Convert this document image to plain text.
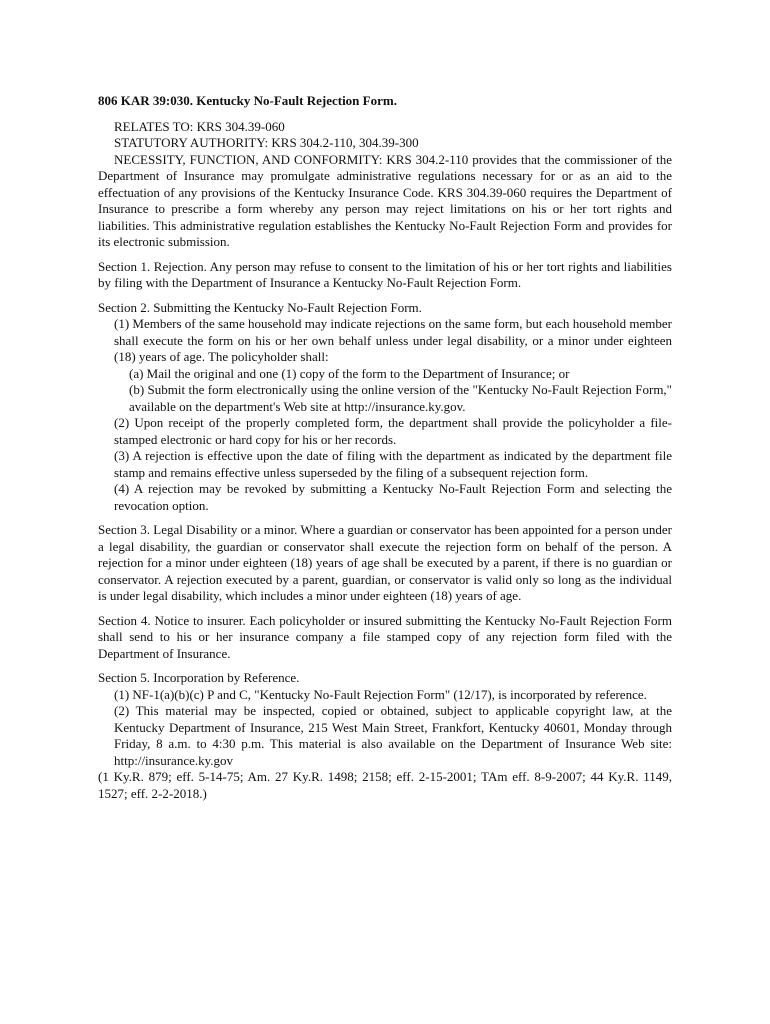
806 KAR 39:030. Kentucky No-Fault Rejection Form.

RELATES TO: KRS 304.39-060

STATUTORY AUTHORITY: KRS 304.2-110, 304.39-300

NECESSITY, FUNCTION, AND CONFORMITY: KRS 304.2-110 provides that the commissioner of the Department of Insurance may promulgate administrative regulations necessary for or as an aid to the effectuation of any provisions of the Kentucky Insurance Code. KRS 304.39-060 requires the Department of Insurance to prescribe a form whereby any person may reject limitations on his or her tort rights and liabilities. This administrative regulation establishes the Kentucky No-Fault Rejection Form and provides for its electronic submission.

Section 1. Rejection. Any person may refuse to consent to the limitation of his or her tort rights and liabilities by filing with the Department of Insurance a Kentucky No-Fault Rejection Form.

Section 2. Submitting the Kentucky No-Fault Rejection Form.

(1) Members of the same household may indicate rejections on the same form, but each household member shall execute the form on his or her own behalf unless under legal disability, or a minor under eighteen (18) years of age. The policyholder shall:

(a) Mail the original and one (1) copy of the form to the Department of Insurance; or

(b) Submit the form electronically using the online version of the "Kentucky No-Fault Rejection Form," available on the department's Web site at http://insurance.ky.gov.

(2) Upon receipt of the properly completed form, the department shall provide the policyholder a file-stamped electronic or hard copy for his or her records.

(3) A rejection is effective upon the date of filing with the department as indicated by the department file stamp and remains effective unless superseded by the filing of a subsequent rejection form.

(4) A rejection may be revoked by submitting a Kentucky No-Fault Rejection Form and selecting the revocation option.

Section 3. Legal Disability or a minor. Where a guardian or conservator has been appointed for a person under a legal disability, the guardian or conservator shall execute the rejection form on behalf of the person. A rejection for a minor under eighteen (18) years of age shall be executed by a parent, if there is no guardian or conservator. A rejection executed by a parent, guardian, or conservator is valid only so long as the individual is under legal disability, which includes a minor under eighteen (18) years of age.

Section 4. Notice to insurer. Each policyholder or insured submitting the Kentucky No-Fault Rejection Form shall send to his or her insurance company a file stamped copy of any rejection form filed with the Department of Insurance.

Section 5. Incorporation by Reference.

(1) NF-1(a)(b)(c) P and C, "Kentucky No-Fault Rejection Form" (12/17), is incorporated by reference.

(2) This material may be inspected, copied or obtained, subject to applicable copyright law, at the Kentucky Department of Insurance, 215 West Main Street, Frankfort, Kentucky 40601, Monday through Friday, 8 a.m. to 4:30 p.m. This material is also available on the Department of Insurance Web site: http://insurance.ky.gov

(1 Ky.R. 879; eff. 5-14-75; Am. 27 Ky.R. 1498; 2158; eff. 2-15-2001; TAm eff. 8-9-2007; 44 Ky.R. 1149, 1527; eff. 2-2-2018.)
